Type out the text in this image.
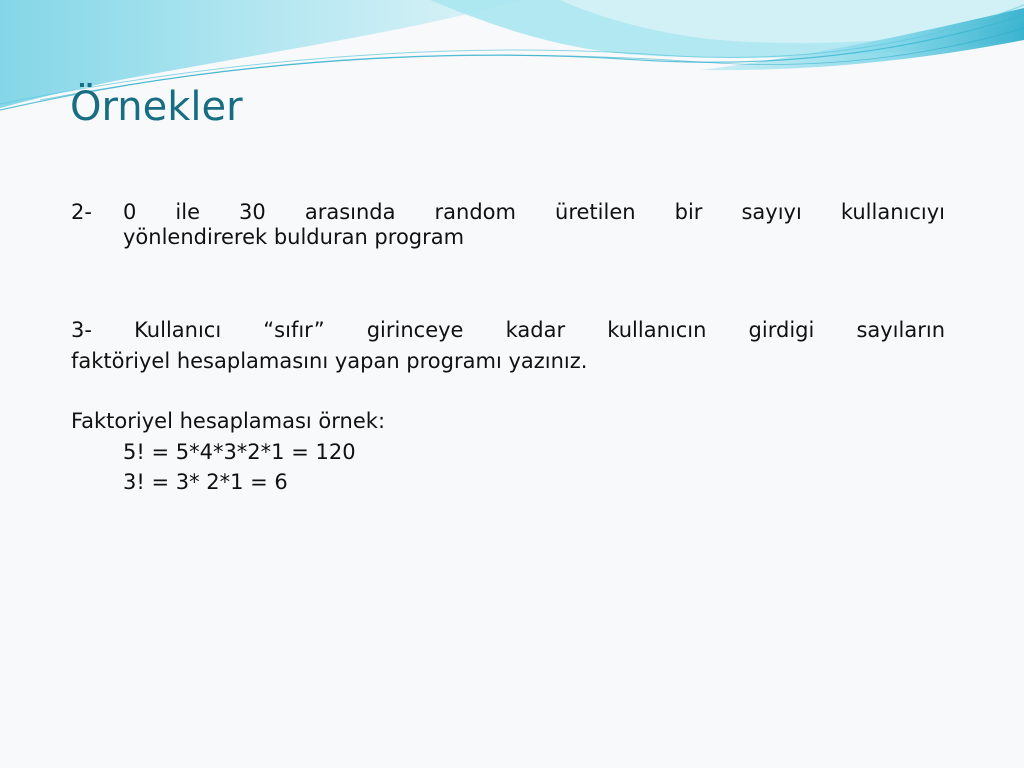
Örnekler
2-	0 ile 30 arasında random üretilen bir sayıyı kullanıcıyı
yönlendirerek bulduran program
3- Kullanıcı “sıfır” girinceye kadar kullanıcın girdigi sayıların
faktöriyel hesaplamasını yapan programı yazınız.
Faktoriyel hesaplaması örnek:
5! = 5*4*3*2*1 = 120
3! = 3* 2*1 = 6
